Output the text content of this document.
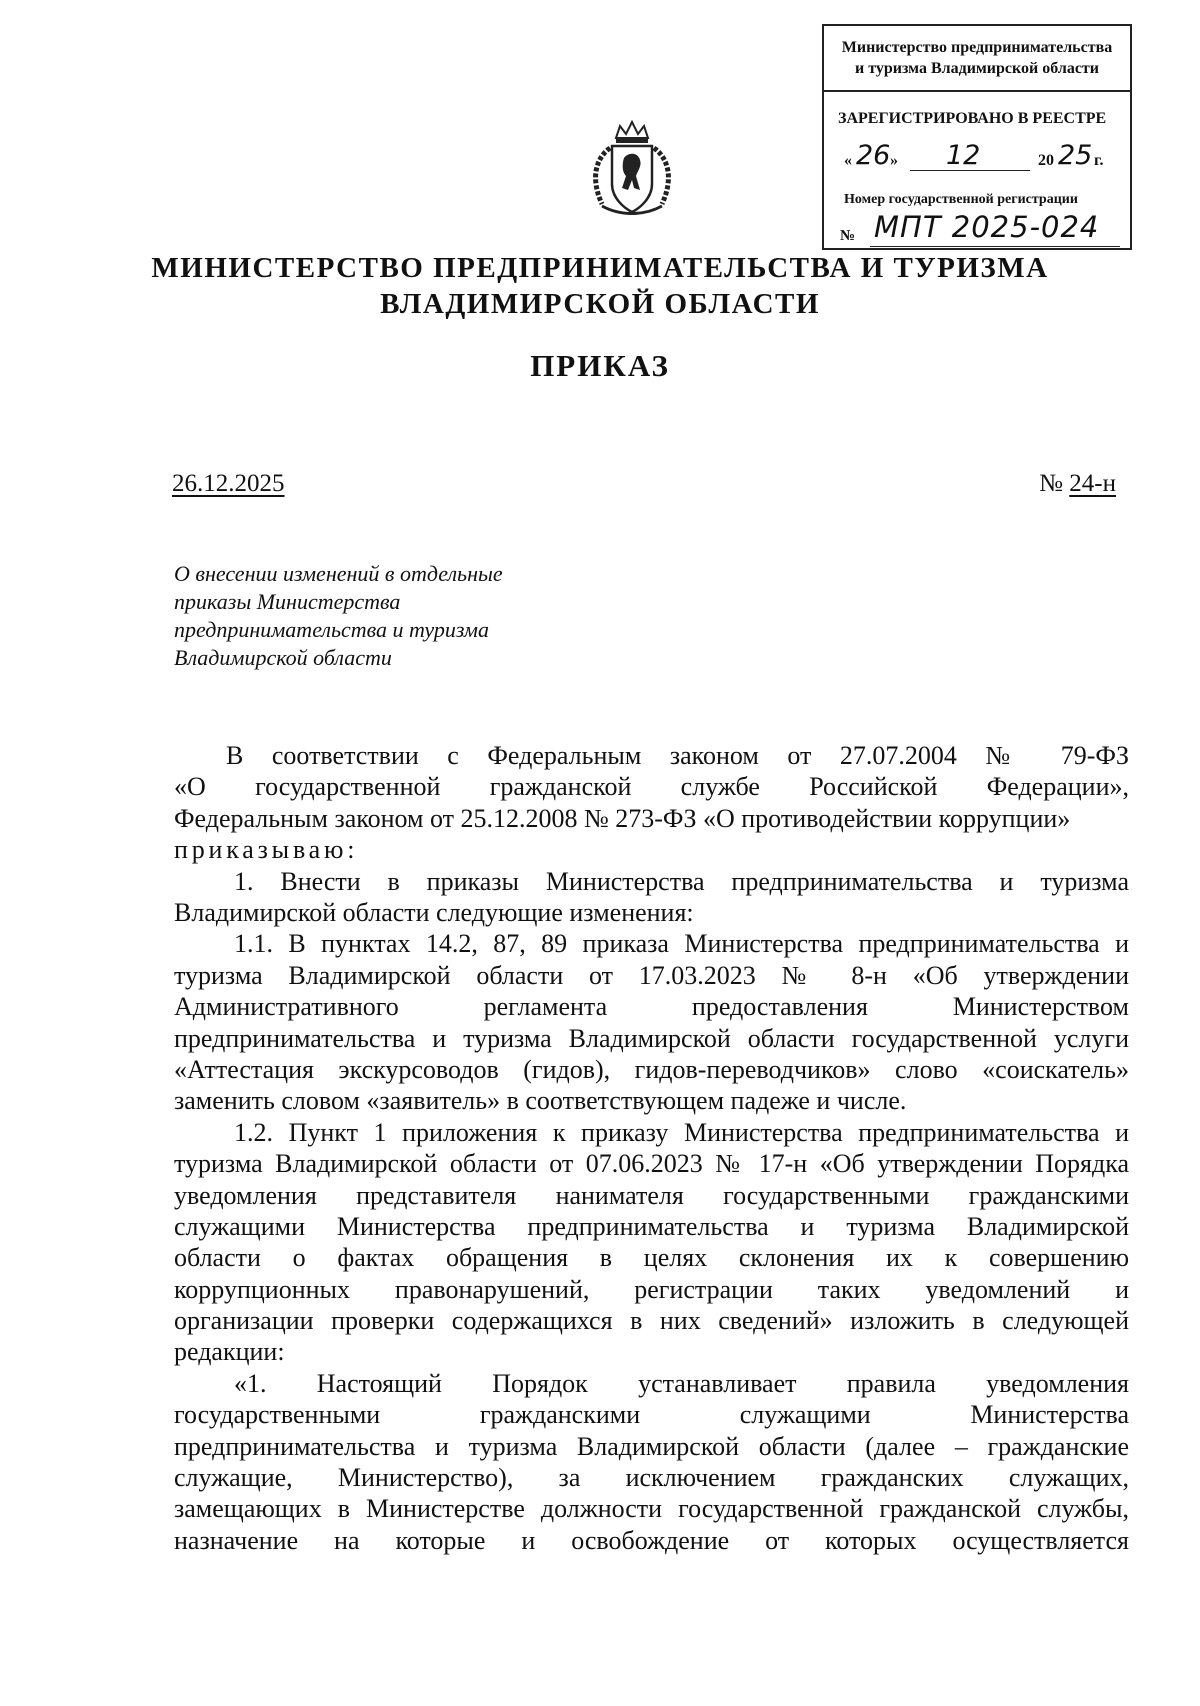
Министерство предпринимательства
и туризма Владимирской области
ЗАРЕГИСТРИРОВАНО В РЕЕСТРЕ
« 26 » 12	20 25 г.
Номер государственной регистрации
№ МПТ 2025-024
МИНИСТЕРСТВО ПРЕДПРИНИМАТЕЛЬСТВА И ТУРИЗМА
ВЛАДИМИРСКОЙ ОБЛАСТИ
ПРИКАЗ
26.12.2025	№ 24-н
О внесении изменений в отдельные
приказы Министерства
предпринимательства и туризма
Владимирской области
В соответствии с Федеральным законом от 27.07.2004 № 79-ФЗ
«О государственной гражданской службе Российской Федерации»,
Федеральным законом от 25.12.2008 № 273-ФЗ «О противодействии коррупции»
приказываю:
1. Внести в приказы Министерства предпринимательства и туризма
Владимирской области следующие изменения:
1.1. В пунктах 14.2, 87, 89 приказа Министерства предпринимательства и
туризма Владимирской области от 17.03.2023 № 8-н «Об утверждении
Административного регламента предоставления Министерством
предпринимательства и туризма Владимирской области государственной услуги
«Аттестация экскурсоводов (гидов), гидов-переводчиков» слово «соискатель»
заменить словом «заявитель» в соответствующем падеже и числе.
1.2. Пункт 1 приложения к приказу Министерства предпринимательства и
туризма Владимирской области от 07.06.2023 № 17-н «Об утверждении Порядка
уведомления представителя нанимателя государственными гражданскими
служащими Министерства предпринимательства и туризма Владимирской
области о фактах обращения в целях склонения их к совершению
коррупционных правонарушений, регистрации таких уведомлений и
организации проверки содержащихся в них сведений» изложить в следующей
редакции:
«1. Настоящий Порядок устанавливает правила уведомления
государственными гражданскими служащими Министерства
предпринимательства и туризма Владимирской области (далее – гражданские
служащие, Министерство), за исключением гражданских служащих,
замещающих в Министерстве должности государственной гражданской службы,
назначение на которые и освобождение от которых осуществляется
